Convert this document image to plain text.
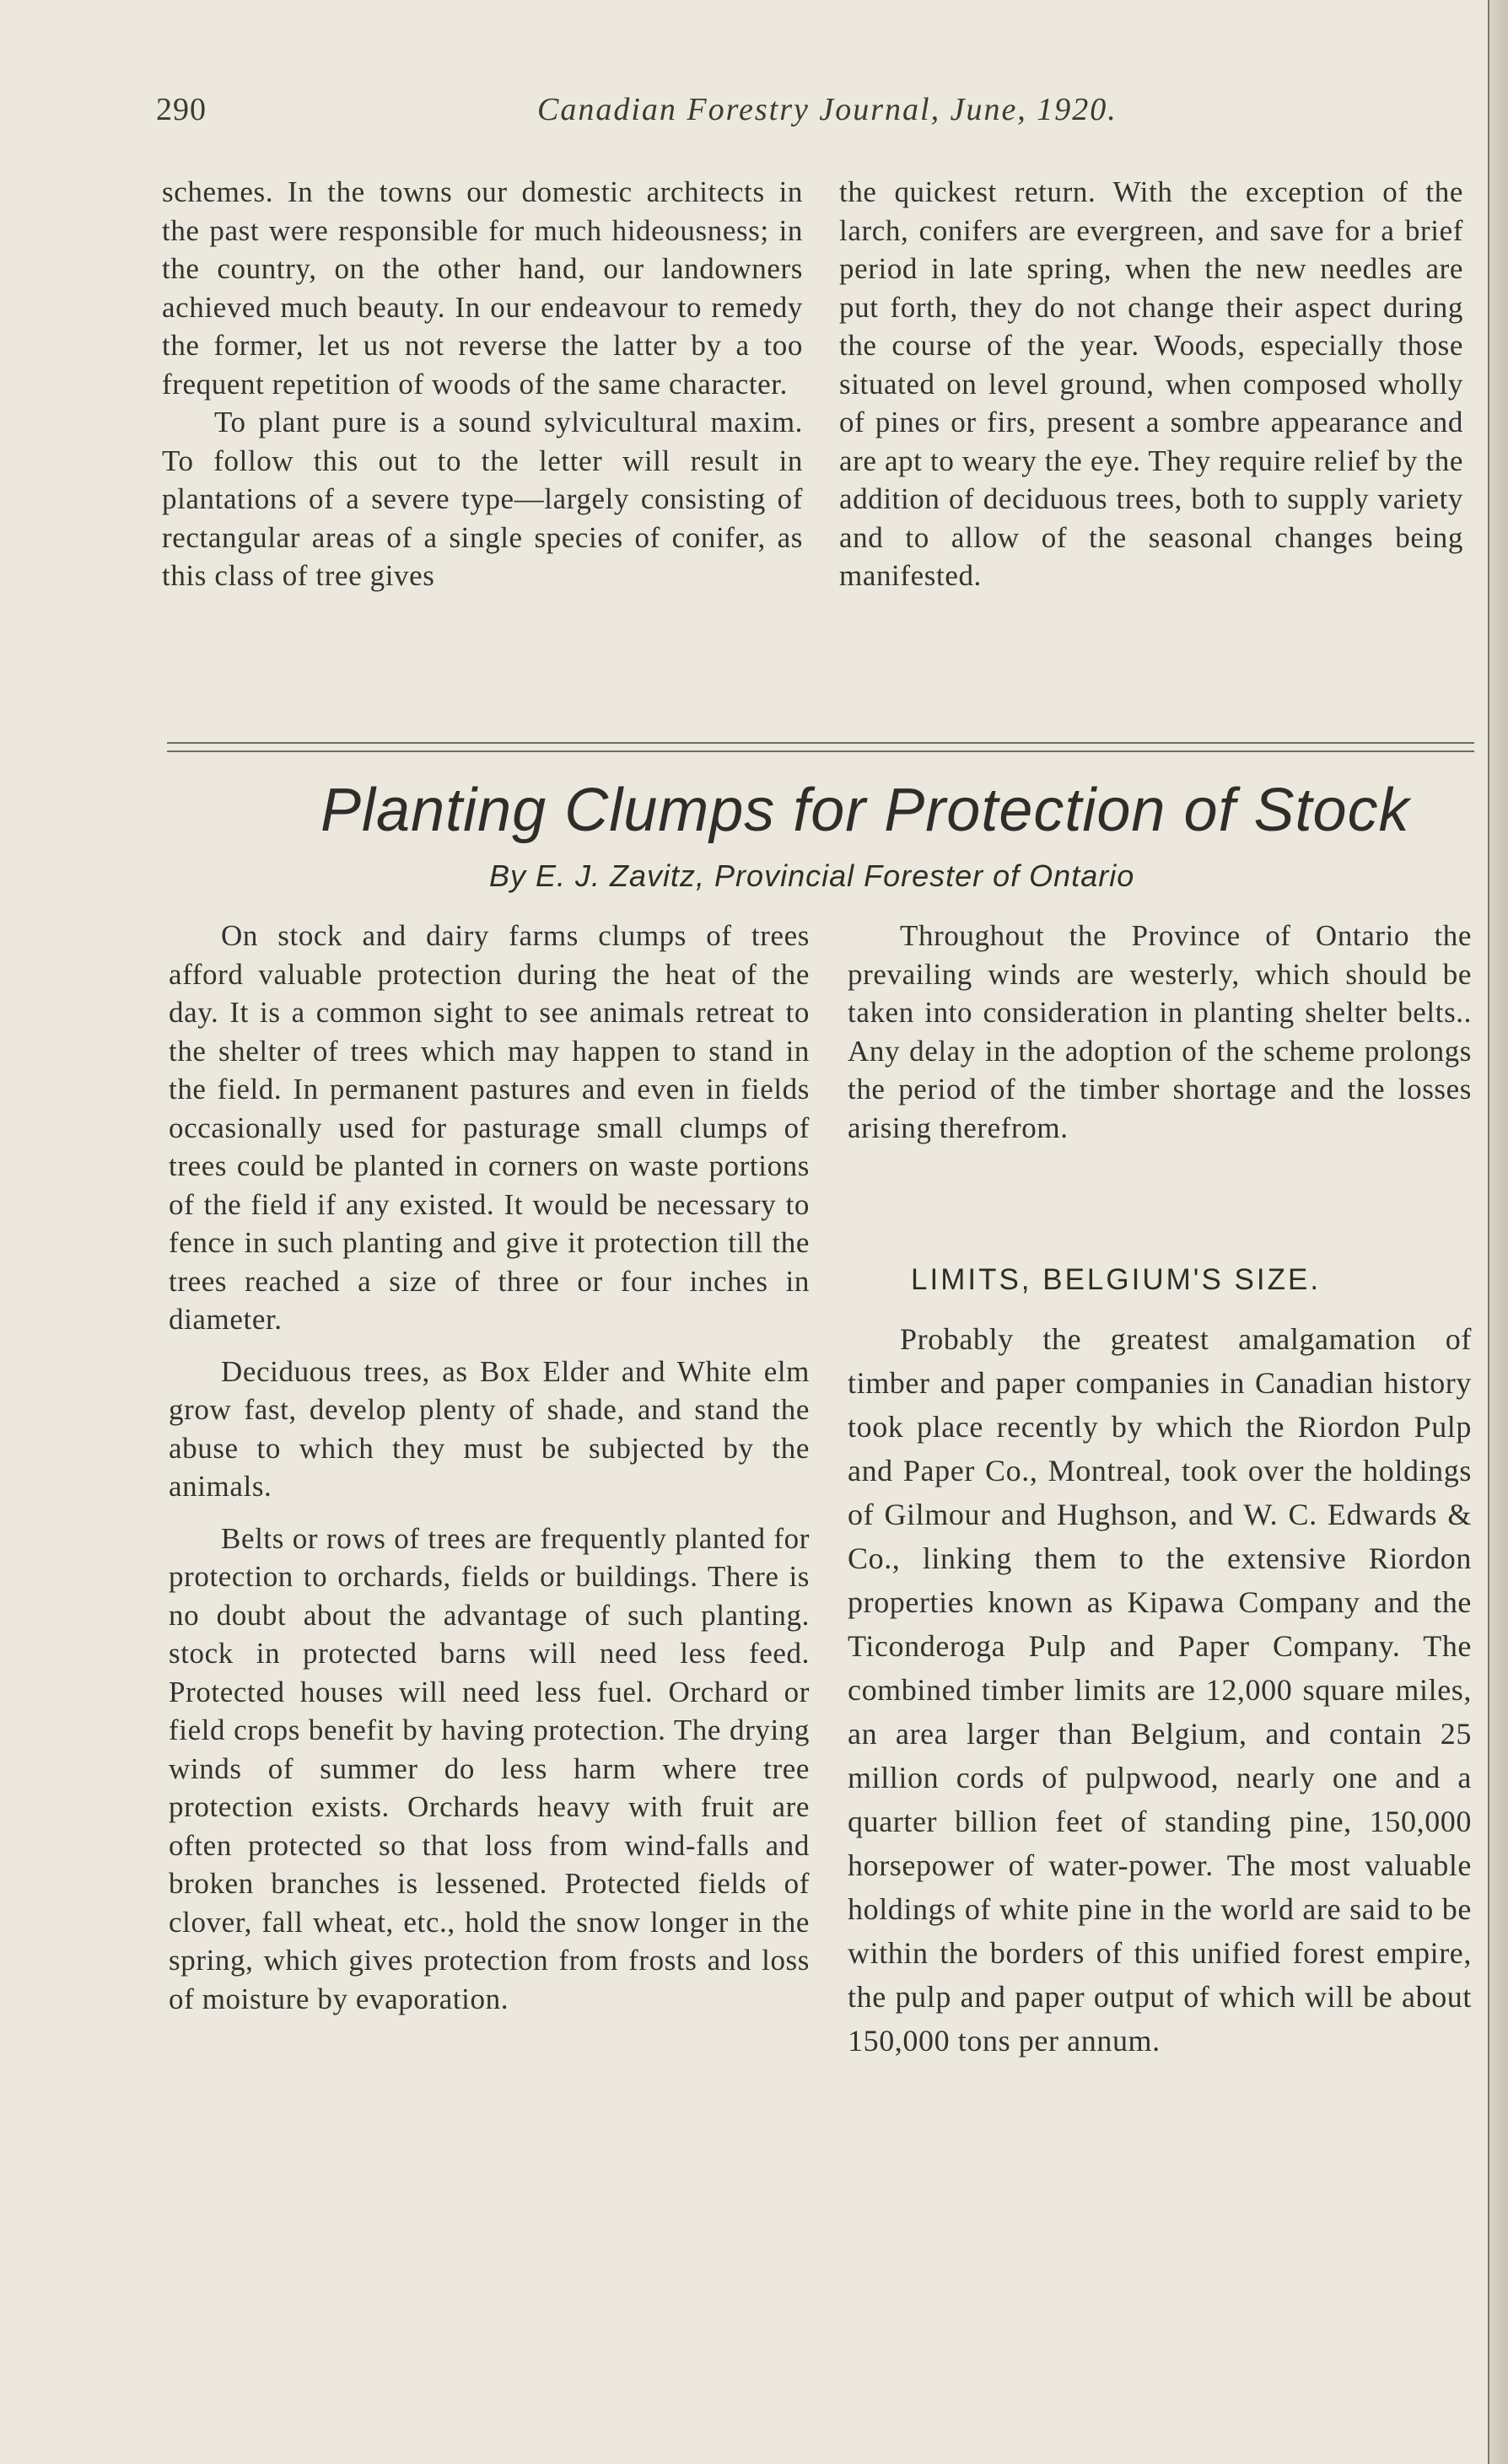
290	Canadian Forestry Journal, June, 1920.

schemes. In the towns our domestic architects in the past were responsible for much hideousness; in the country, on the other hand, our landowners achieved much beauty. In our endeavour to remedy the former, let us not reverse the latter by a too frequent repetition of woods of the same character.

To plant pure is a sound sylvicultural maxim. To follow this out to the letter will result in plantations of a severe type—largely consisting of rectangular areas of a single species of conifer, as this class of tree gives

the quickest return. With the exception of the larch, conifers are evergreen, and save for a brief period in late spring, when the new needles are put forth, they do not change their aspect during the course of the year. Woods, especially those situated on level ground, when composed wholly of pines or firs, present a sombre appearance and are apt to weary the eye. They require relief by the addition of deciduous trees, both to supply variety and to allow of the seasonal changes being manifested.

Planting Clumps for Protection of Stock
By E. J. Zavitz, Provincial Forester of Ontario

On stock and dairy farms clumps of trees afford valuable protection during the heat of the day. It is a common sight to see animals retreat to the shelter of trees which may happen to stand in the field. In permanent pastures and even in fields occasionally used for pasturage small clumps of trees could be planted in corners on waste portions of the field if any existed. It would be necessary to fence in such planting and give it protection till the trees reached a size of three or four inches in diameter.

Deciduous trees, as Box Elder and White elm grow fast, develop plenty of shade, and stand the abuse to which they must be subjected by the animals.

Belts or rows of trees are frequently planted for protection to orchards, fields or buildings. There is no doubt about the advantage of such planting. stock in protected barns will need less feed. Protected houses will need less fuel. Orchard or field crops benefit by having protection. The drying winds of summer do less harm where tree protection exists. Orchards heavy with fruit are often protected so that loss from wind-falls and broken branches is lessened. Protected fields of clover, fall wheat, etc., hold the snow longer in the spring, which gives protection from frosts and loss of moisture by evaporation.

Throughout the Province of Ontario the prevailing winds are westerly, which should be taken into consideration in planting shelter belts.. Any delay in the adoption of the scheme prolongs the period of the timber shortage and the losses arising therefrom.

LIMITS, BELGIUM'S SIZE.

Probably the greatest amalgamation of timber and paper companies in Canadian history took place recently by which the Riordon Pulp and Paper Co., Montreal, took over the holdings of Gilmour and Hughson, and W. C. Edwards & Co., linking them to the extensive Riordon properties known as Kipawa Company and the Ticonderoga Pulp and Paper Company. The combined timber limits are 12,000 square miles, an area larger than Belgium, and contain 25 million cords of pulpwood, nearly one and a quarter billion feet of standing pine, 150,000 horsepower of water-power. The most valuable holdings of white pine in the world are said to be within the borders of this unified forest empire, the pulp and paper output of which will be about 150,000 tons per annum.
